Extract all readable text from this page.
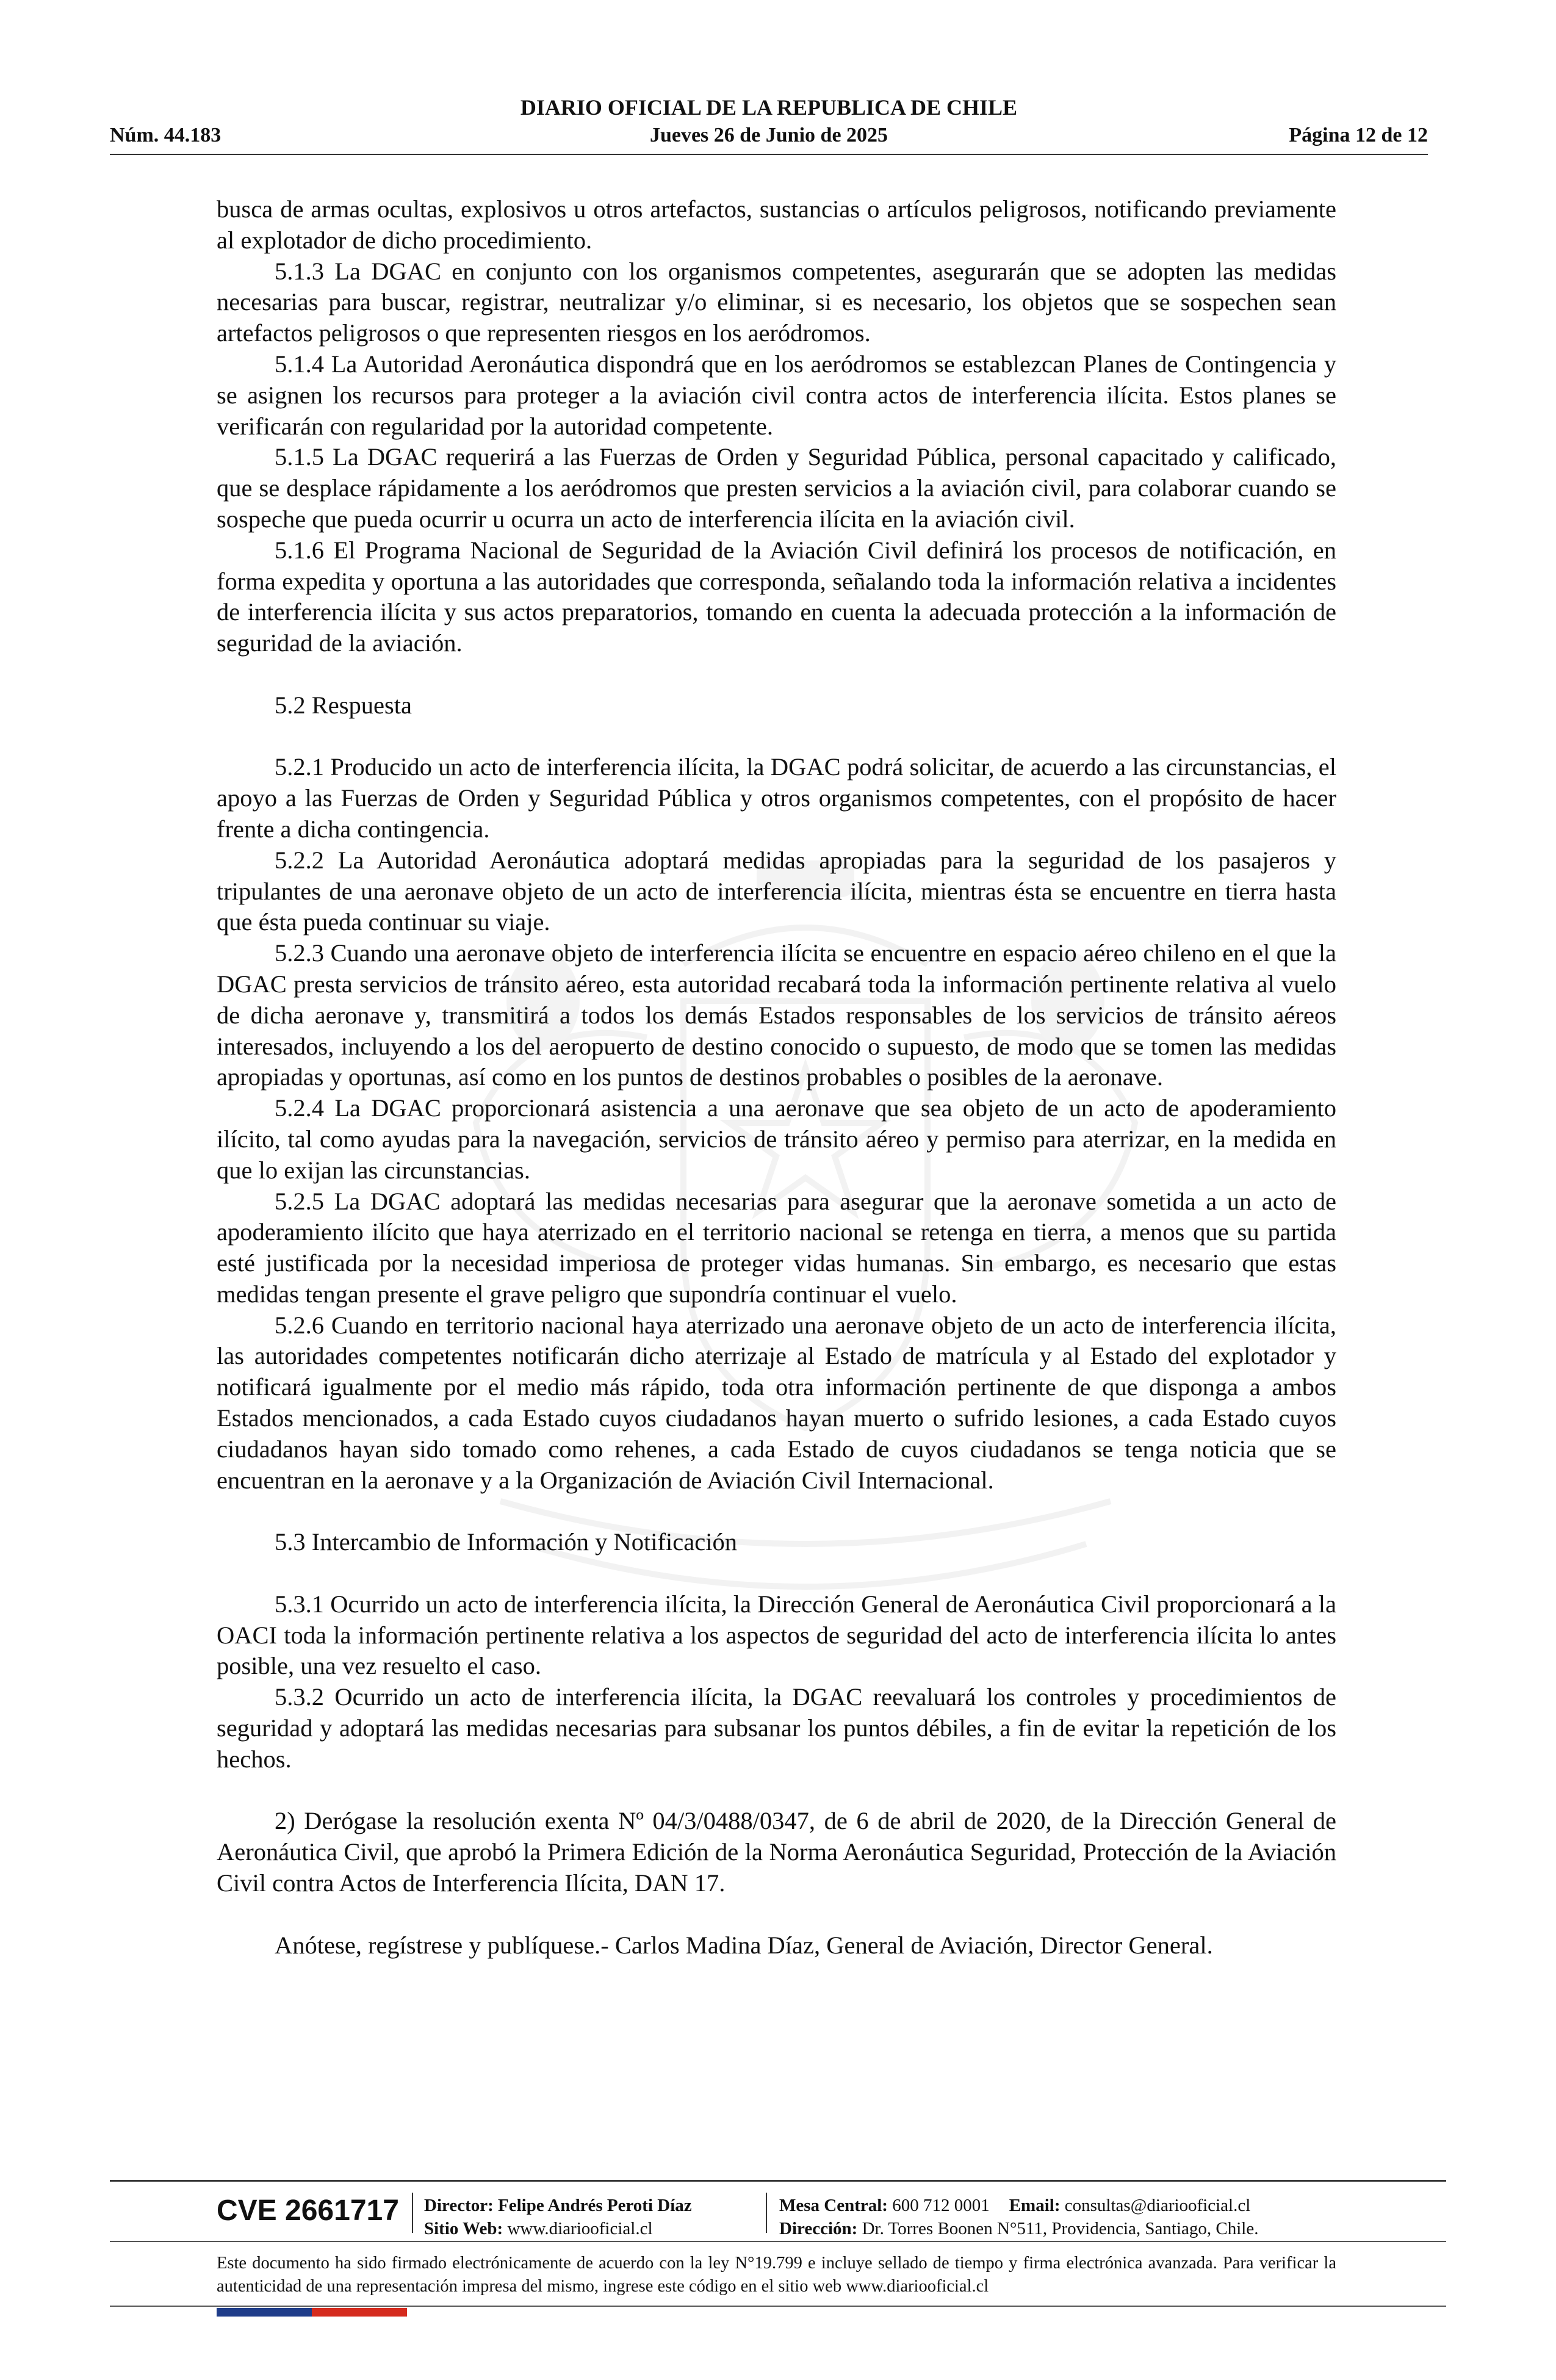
DIARIO OFICIAL DE LA REPUBLICA DE CHILE
Núm. 44.183	Jueves 26 de Junio de 2025	Página 12 de 12

busca de armas ocultas, explosivos u otros artefactos, sustancias o artículos peligrosos, notificando previamente al explotador de dicho procedimiento.

5.1.3 La DGAC en conjunto con los organismos competentes, asegurarán que se adopten las medidas necesarias para buscar, registrar, neutralizar y/o eliminar, si es necesario, los objetos que se sospechen sean artefactos peligrosos o que representen riesgos en los aeródromos.

5.1.4 La Autoridad Aeronáutica dispondrá que en los aeródromos se establezcan Planes de Contingencia y se asignen los recursos para proteger a la aviación civil contra actos de interferencia ilícita. Estos planes se verificarán con regularidad por la autoridad competente.

5.1.5 La DGAC requerirá a las Fuerzas de Orden y Seguridad Pública, personal capacitado y calificado, que se desplace rápidamente a los aeródromos que presten servicios a la aviación civil, para colaborar cuando se sospeche que pueda ocurrir u ocurra un acto de interferencia ilícita en la aviación civil.

5.1.6 El Programa Nacional de Seguridad de la Aviación Civil definirá los procesos de notificación, en forma expedita y oportuna a las autoridades que corresponda, señalando toda la información relativa a incidentes de interferencia ilícita y sus actos preparatorios, tomando en cuenta la adecuada protección a la información de seguridad de la aviación.

5.2 Respuesta

5.2.1 Producido un acto de interferencia ilícita, la DGAC podrá solicitar, de acuerdo a las circunstancias, el apoyo a las Fuerzas de Orden y Seguridad Pública y otros organismos competentes, con el propósito de hacer frente a dicha contingencia.

5.2.2 La Autoridad Aeronáutica adoptará medidas apropiadas para la seguridad de los pasajeros y tripulantes de una aeronave objeto de un acto de interferencia ilícita, mientras ésta se encuentre en tierra hasta que ésta pueda continuar su viaje.

5.2.3 Cuando una aeronave objeto de interferencia ilícita se encuentre en espacio aéreo chileno en el que la DGAC presta servicios de tránsito aéreo, esta autoridad recabará toda la información pertinente relativa al vuelo de dicha aeronave y, transmitirá a todos los demás Estados responsables de los servicios de tránsito aéreos interesados, incluyendo a los del aeropuerto de destino conocido o supuesto, de modo que se tomen las medidas apropiadas y oportunas, así como en los puntos de destinos probables o posibles de la aeronave.

5.2.4 La DGAC proporcionará asistencia a una aeronave que sea objeto de un acto de apoderamiento ilícito, tal como ayudas para la navegación, servicios de tránsito aéreo y permiso para aterrizar, en la medida en que lo exijan las circunstancias.

5.2.5 La DGAC adoptará las medidas necesarias para asegurar que la aeronave sometida a un acto de apoderamiento ilícito que haya aterrizado en el territorio nacional se retenga en tierra, a menos que su partida esté justificada por la necesidad imperiosa de proteger vidas humanas. Sin embargo, es necesario que estas medidas tengan presente el grave peligro que supondría continuar el vuelo.

5.2.6 Cuando en territorio nacional haya aterrizado una aeronave objeto de un acto de interferencia ilícita, las autoridades competentes notificarán dicho aterrizaje al Estado de matrícula y al Estado del explotador y notificará igualmente por el medio más rápido, toda otra información pertinente de que disponga a ambos Estados mencionados, a cada Estado cuyos ciudadanos hayan muerto o sufrido lesiones, a cada Estado cuyos ciudadanos hayan sido tomado como rehenes, a cada Estado de cuyos ciudadanos se tenga noticia que se encuentran en la aeronave y a la Organización de Aviación Civil Internacional.

5.3 Intercambio de Información y Notificación

5.3.1 Ocurrido un acto de interferencia ilícita, la Dirección General de Aeronáutica Civil proporcionará a la OACI toda la información pertinente relativa a los aspectos de seguridad del acto de interferencia ilícita lo antes posible, una vez resuelto el caso.

5.3.2 Ocurrido un acto de interferencia ilícita, la DGAC reevaluará los controles y procedimientos de seguridad y adoptará las medidas necesarias para subsanar los puntos débiles, a fin de evitar la repetición de los hechos.

2) Derógase la resolución exenta Nº 04/3/0488/0347, de 6 de abril de 2020, de la Dirección General de Aeronáutica Civil, que aprobó la Primera Edición de la Norma Aeronáutica Seguridad, Protección de la Aviación Civil contra Actos de Interferencia Ilícita, DAN 17.

Anótese, regístrese y publíquese.- Carlos Madina Díaz, General de Aviación, Director General.

CVE 2661717 Director: Felipe Andrés Peroti Díaz
Sitio Web: www.diariooficial.cl
Mesa Central: 600 712 0001 Email: consultas@diariooficial.cl
Dirección: Dr. Torres Boonen N°511, Providencia, Santiago, Chile.
Este documento ha sido firmado electrónicamente de acuerdo con la ley N°19.799 e incluye sellado de tiempo y firma electrónica avanzada. Para verificar la autenticidad de una representación impresa del mismo, ingrese este código en el sitio web www.diariooficial.cl
